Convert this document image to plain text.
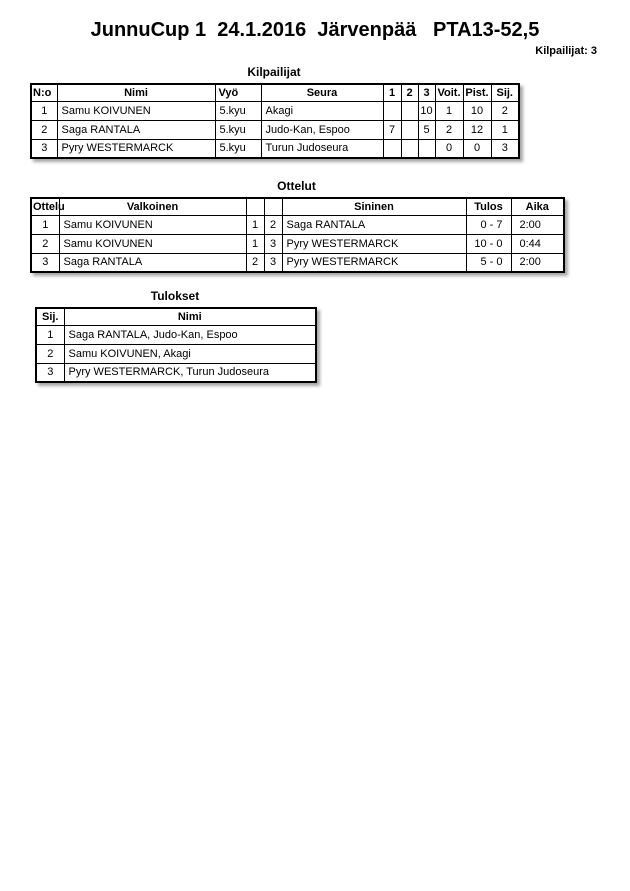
JunnuCup 1  24.1.2016  Järvenpää   PTA13-52,5
Kilpailijat: 3
Kilpailijat
N:o	Nimi	Vyö	Seura	1	2	3	Voit.	Pist.	Sij.
1	Samu KOIVUNEN	5.kyu	Akagi			10	1	10	2
2	Saga RANTALA	5.kyu	Judo-Kan, Espoo	7		5	2	12	1
3	Pyry WESTERMARCK	5.kyu	Turun Judoseura				0	0	3
Ottelut
Ottelu	Valkoinen			Sininen	Tulos	Aika
1	Samu KOIVUNEN	1	2	Saga RANTALA	0 - 7	2:00
2	Samu KOIVUNEN	1	3	Pyry WESTERMARCK	10 - 0	0:44
3	Saga RANTALA	2	3	Pyry WESTERMARCK	5 - 0	2:00
Tulokset
Sij.	Nimi
1	Saga RANTALA, Judo-Kan, Espoo
2	Samu KOIVUNEN, Akagi
3	Pyry WESTERMARCK, Turun Judoseura
